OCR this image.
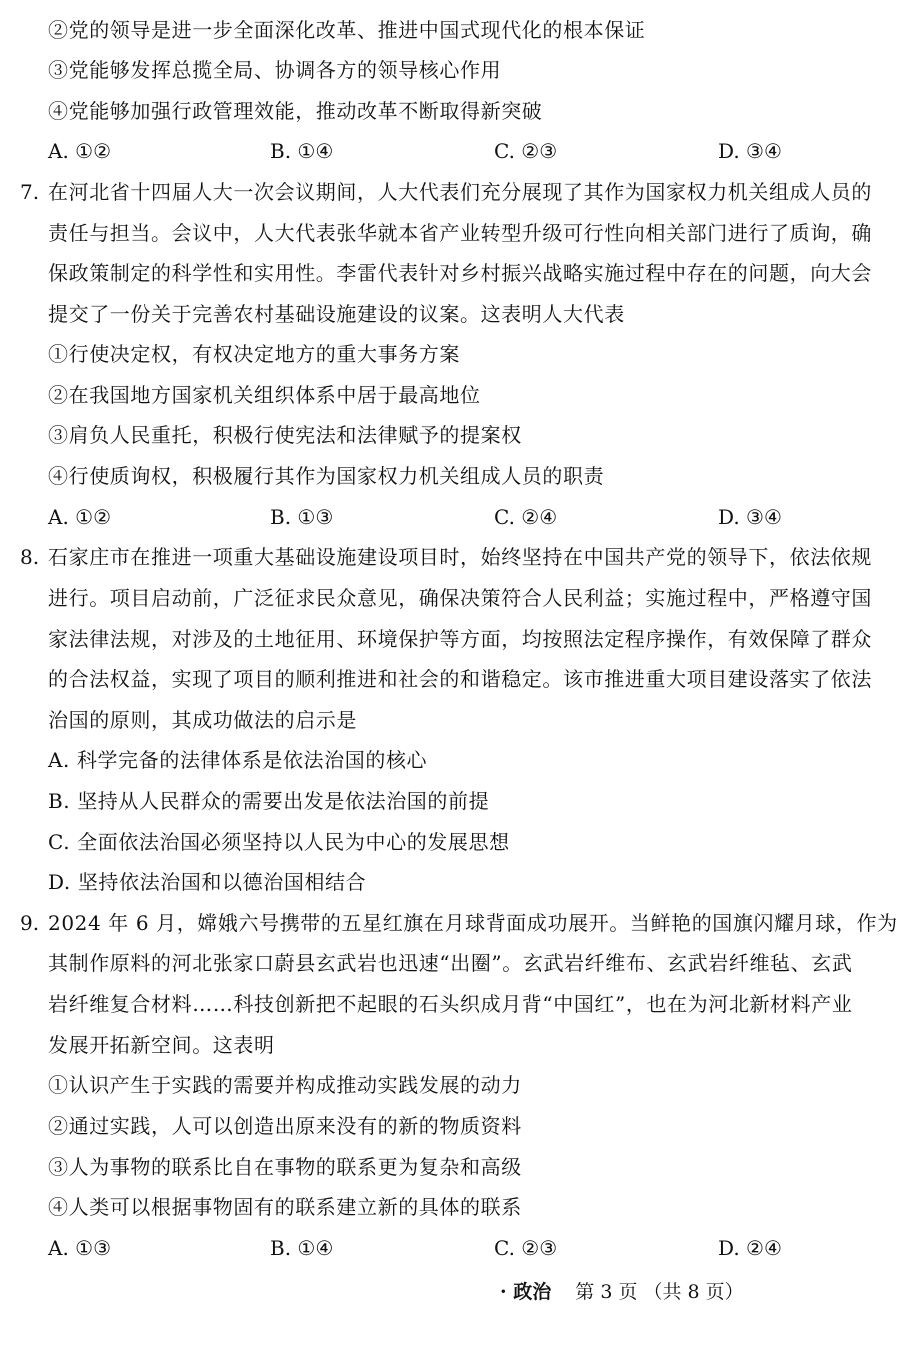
②党的领导是进一步全面深化改革、推进中国式现代化的根本保证
③党能够发挥总揽全局、协调各方的领导核心作用
④党能够加强行政管理效能，推动改革不断取得新突破
A. ①②	B. ①④	C. ②③	D. ③④
7. 在河北省十四届人大一次会议期间，人大代表们充分展现了其作为国家权力机关组成人员的
责任与担当。会议中，人大代表张华就本省产业转型升级可行性向相关部门进行了质询，确
保政策制定的科学性和实用性。李雷代表针对乡村振兴战略实施过程中存在的问题，向大会
提交了一份关于完善农村基础设施建设的议案。这表明人大代表
①行使决定权，有权决定地方的重大事务方案
②在我国地方国家机关组织体系中居于最高地位
③肩负人民重托，积极行使宪法和法律赋予的提案权
④行使质询权，积极履行其作为国家权力机关组成人员的职责
A. ①②	B. ①③	C. ②④	D. ③④
8. 石家庄市在推进一项重大基础设施建设项目时，始终坚持在中国共产党的领导下，依法依规
进行。项目启动前，广泛征求民众意见，确保决策符合人民利益；实施过程中，严格遵守国
家法律法规，对涉及的土地征用、环境保护等方面，均按照法定程序操作，有效保障了群众
的合法权益，实现了项目的顺利推进和社会的和谐稳定。该市推进重大项目建设落实了依法
治国的原则，其成功做法的启示是
A. 科学完备的法律体系是依法治国的核心
B. 坚持从人民群众的需要出发是依法治国的前提
C. 全面依法治国必须坚持以人民为中心的发展思想
D. 坚持依法治国和以德治国相结合
9. 2024 年 6 月，嫦娥六号携带的五星红旗在月球背面成功展开。当鲜艳的国旗闪耀月球，作为
其制作原料的河北张家口蔚县玄武岩也迅速“出圈”。玄武岩纤维布、玄武岩纤维毡、玄武
岩纤维复合材料……科技创新把不起眼的石头织成月背“中国红”，也在为河北新材料产业
发展开拓新空间。这表明
①认识产生于实践的需要并构成推动实践发展的动力
②通过实践，人可以创造出原来没有的新的物质资料
③人为事物的联系比自在事物的联系更为复杂和高级
④人类可以根据事物固有的联系建立新的具体的联系
A. ①③	B. ①④	C. ②③	D. ②④
· 政治 第 3 页 （共 8 页）
